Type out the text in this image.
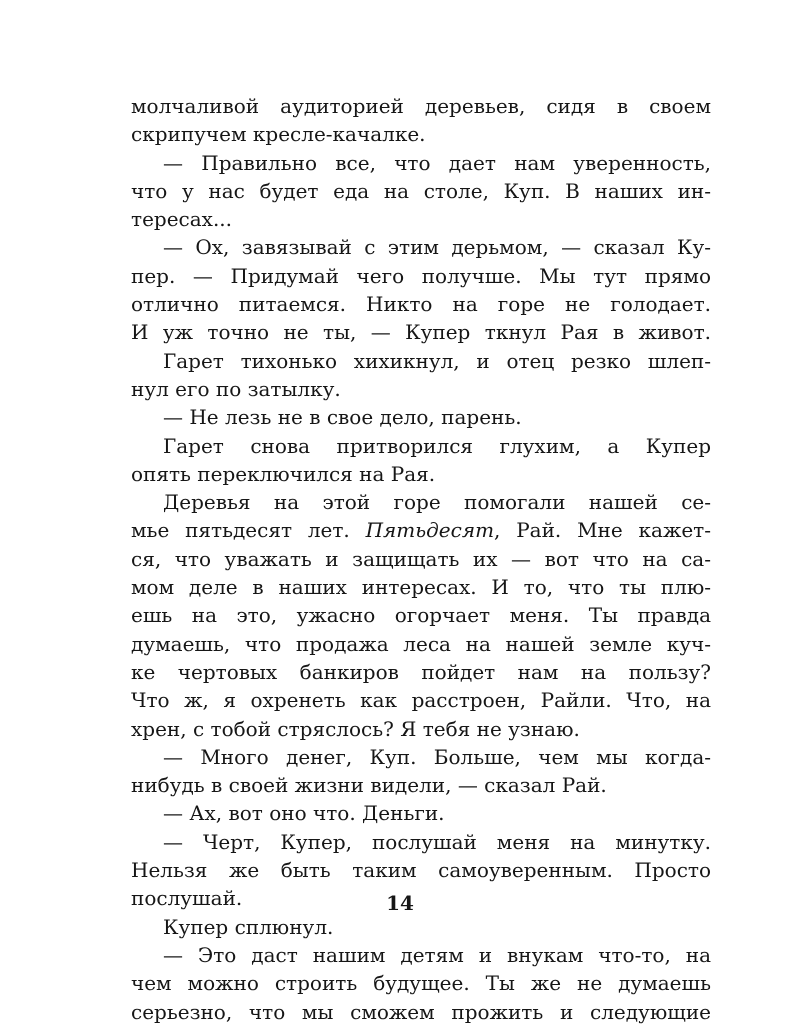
молчаливой аудиторией деревьев, сидя в своем
скрипучем кресле-качалке.
— Правильно все, что дает нам уверенность,
что у нас будет еда на столе, Куп. В наших ин-
тересах...
— Ох, завязывай с этим дерьмом, — сказал Ку-
пер. — Придумай чего получше. Мы тут прямо
отлично питаемся. Никто на горе не голодает.
И уж точно не ты, — Купер ткнул Рая в живот.
Гарет тихонько хихикнул, и отец резко шлеп-
нул его по затылку.
— Не лезь не в свое дело, парень.
Гарет снова притворился глухим, а Купер
опять переключился на Рая.
Деревья на этой горе помогали нашей се-
мье пятьдесят лет. Пятьдесят, Рай. Мне кажет-
ся, что уважать и защищать их — вот что на са-
мом деле в наших интересах. И то, что ты плю-
ешь на это, ужасно огорчает меня. Ты правда
думаешь, что продажа леса на нашей земле куч-
ке чертовых банкиров пойдет нам на пользу?
Что ж, я охренеть как расстроен, Райли. Что, на
хрен, с тобой стряслось? Я тебя не узнаю.
— Много денег, Куп. Больше, чем мы когда-
нибудь в своей жизни видели, — сказал Рай.
— Ах, вот оно что. Деньги.
— Черт, Купер, послушай меня на минутку.
Нельзя же быть таким самоуверенным. Просто
послушай.
Купер сплюнул.
— Это даст нашим детям и внукам что-то, на
чем можно строить будущее. Ты же не думаешь
серьезно, что мы сможем прожить и следующие
14
